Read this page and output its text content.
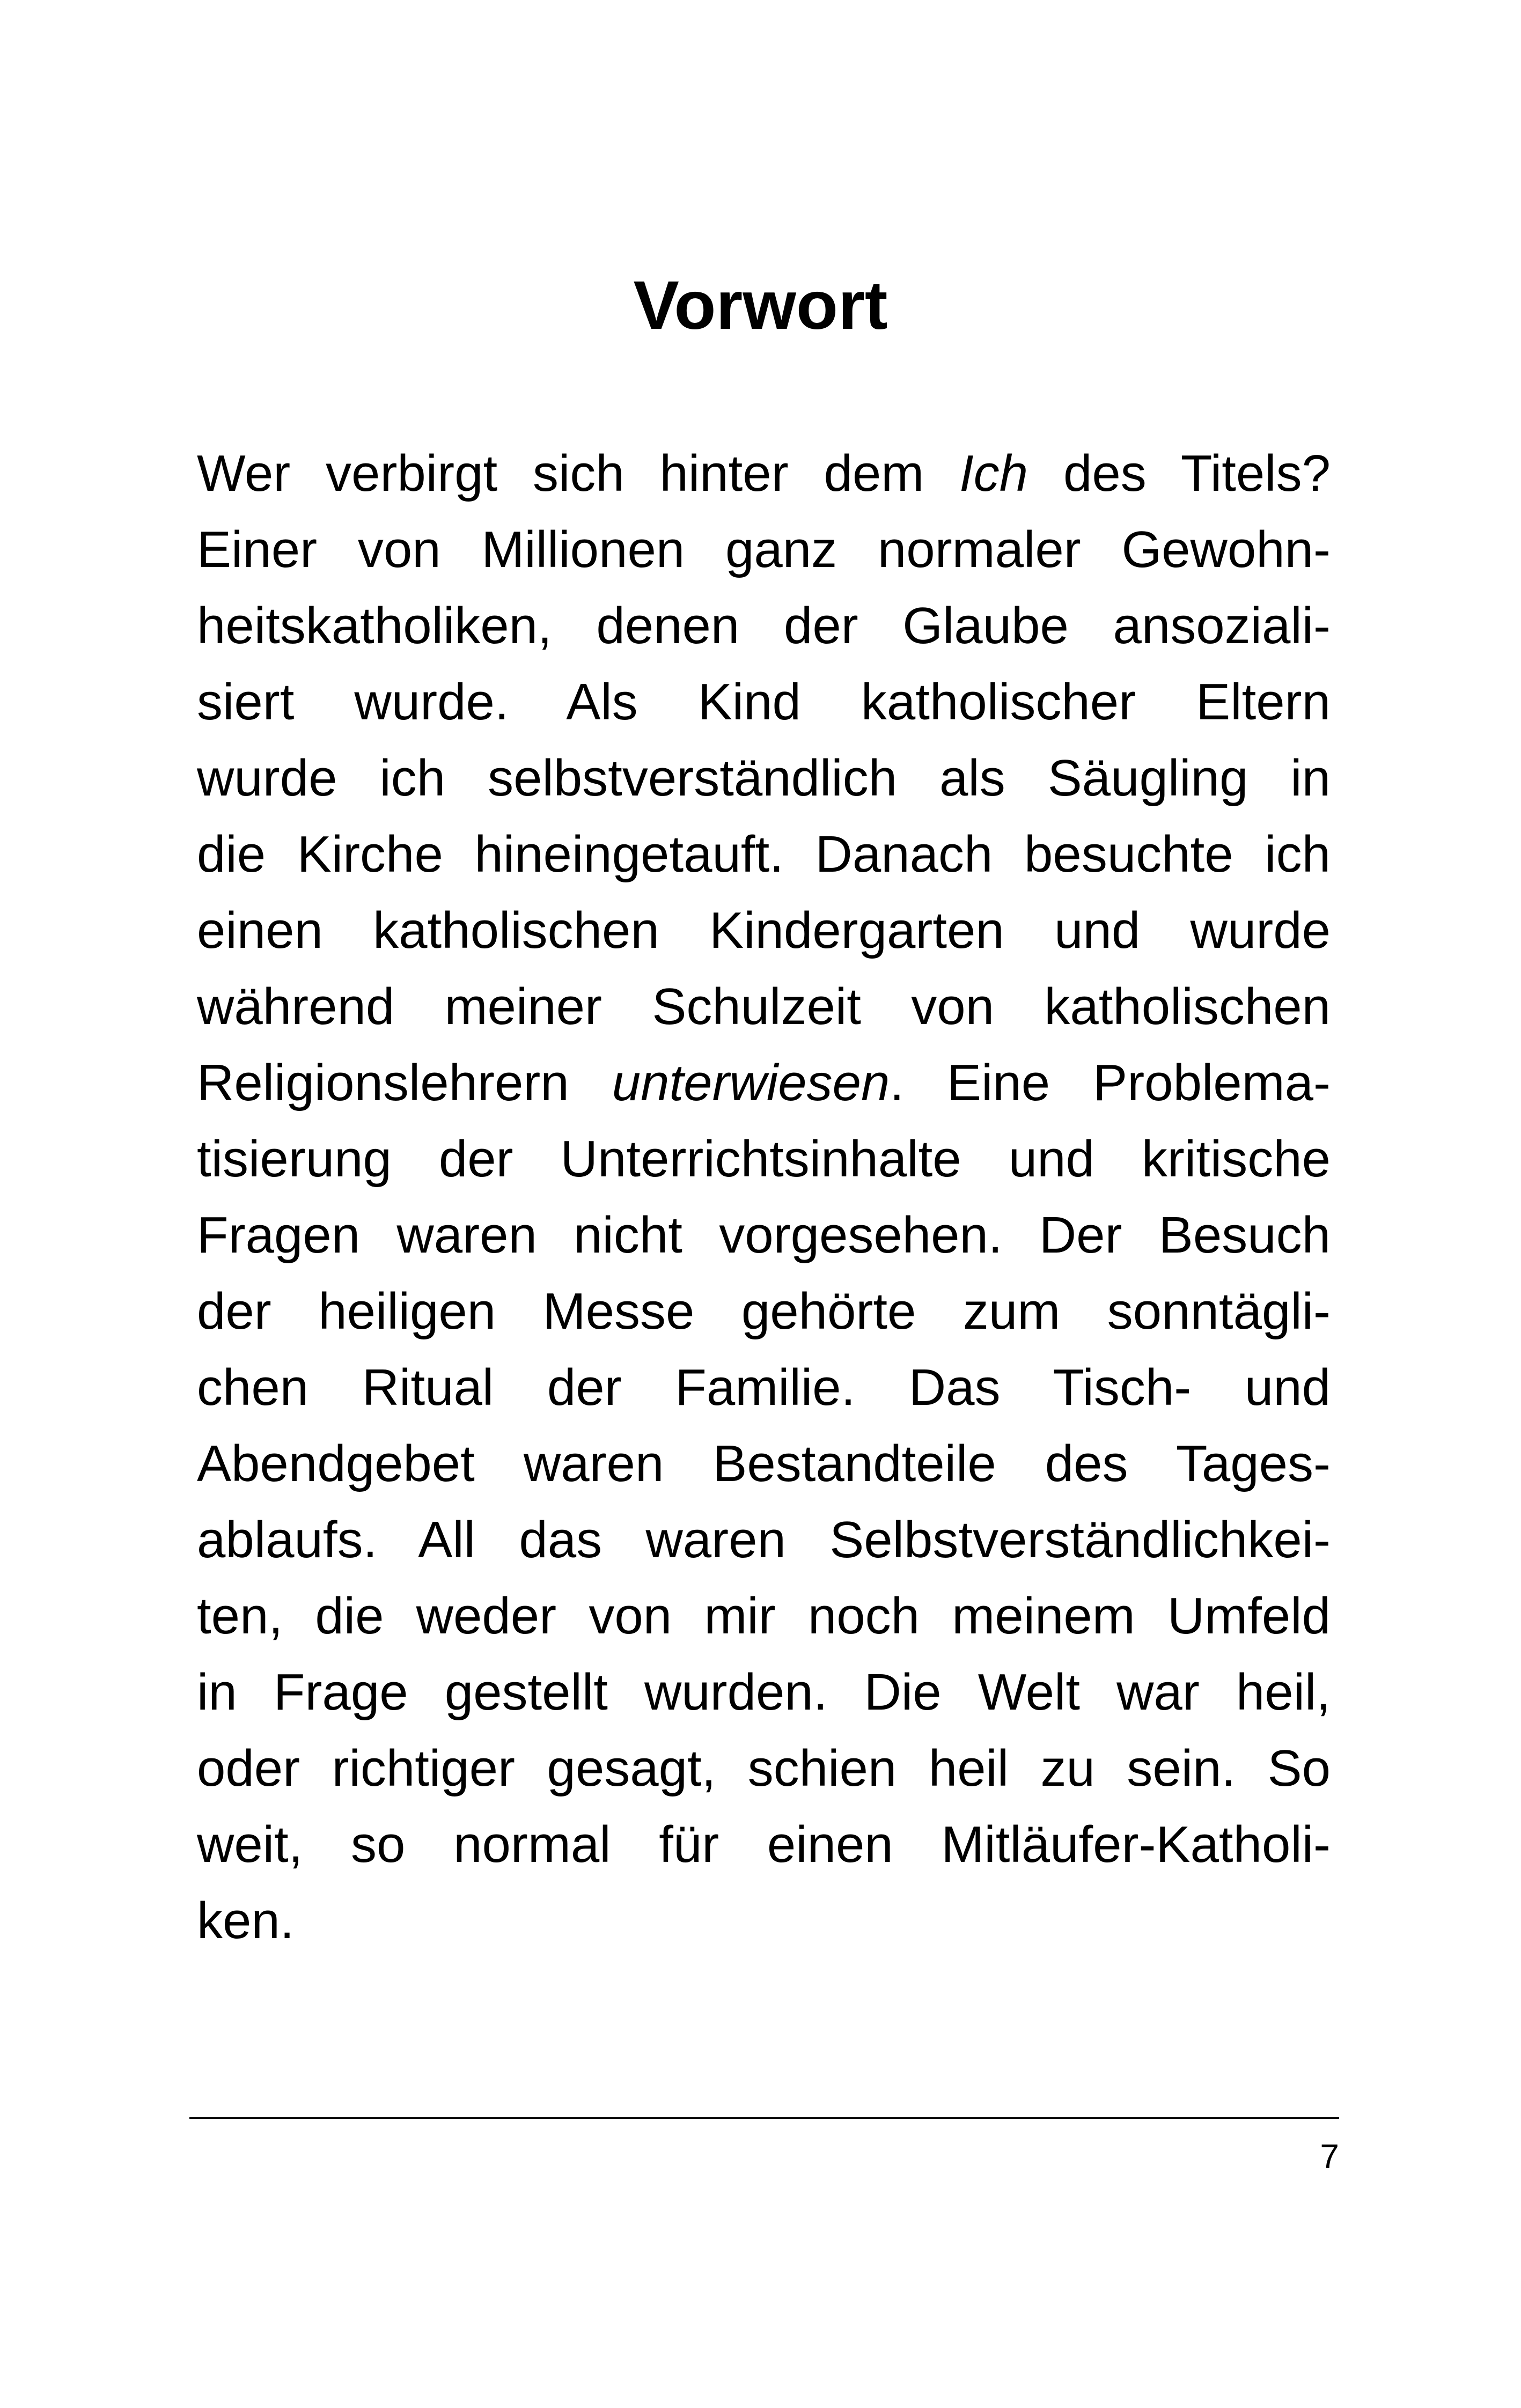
Vorwort
Wer verbirgt sich hinter dem Ich des Titels?
Einer von Millionen ganz normaler Gewohn-
heitskatholiken, denen der Glaube ansoziali-
siert wurde. Als Kind katholischer Eltern
wurde ich selbstverständlich als Säugling in
die Kirche hineingetauft. Danach besuchte ich
einen katholischen Kindergarten und wurde
während meiner Schulzeit von katholischen
Religionslehrern unterwiesen. Eine Problema-
tisierung der Unterrichtsinhalte und kritische
Fragen waren nicht vorgesehen. Der Besuch
der heiligen Messe gehörte zum sonntägli-
chen Ritual der Familie. Das Tisch- und
Abendgebet waren Bestandteile des Tages-
ablaufs. All das waren Selbstverständlichkei-
ten, die weder von mir noch meinem Umfeld
in Frage gestellt wurden. Die Welt war heil,
oder richtiger gesagt, schien heil zu sein. So
weit, so normal für einen Mitläufer-Katholi-
ken.
7
